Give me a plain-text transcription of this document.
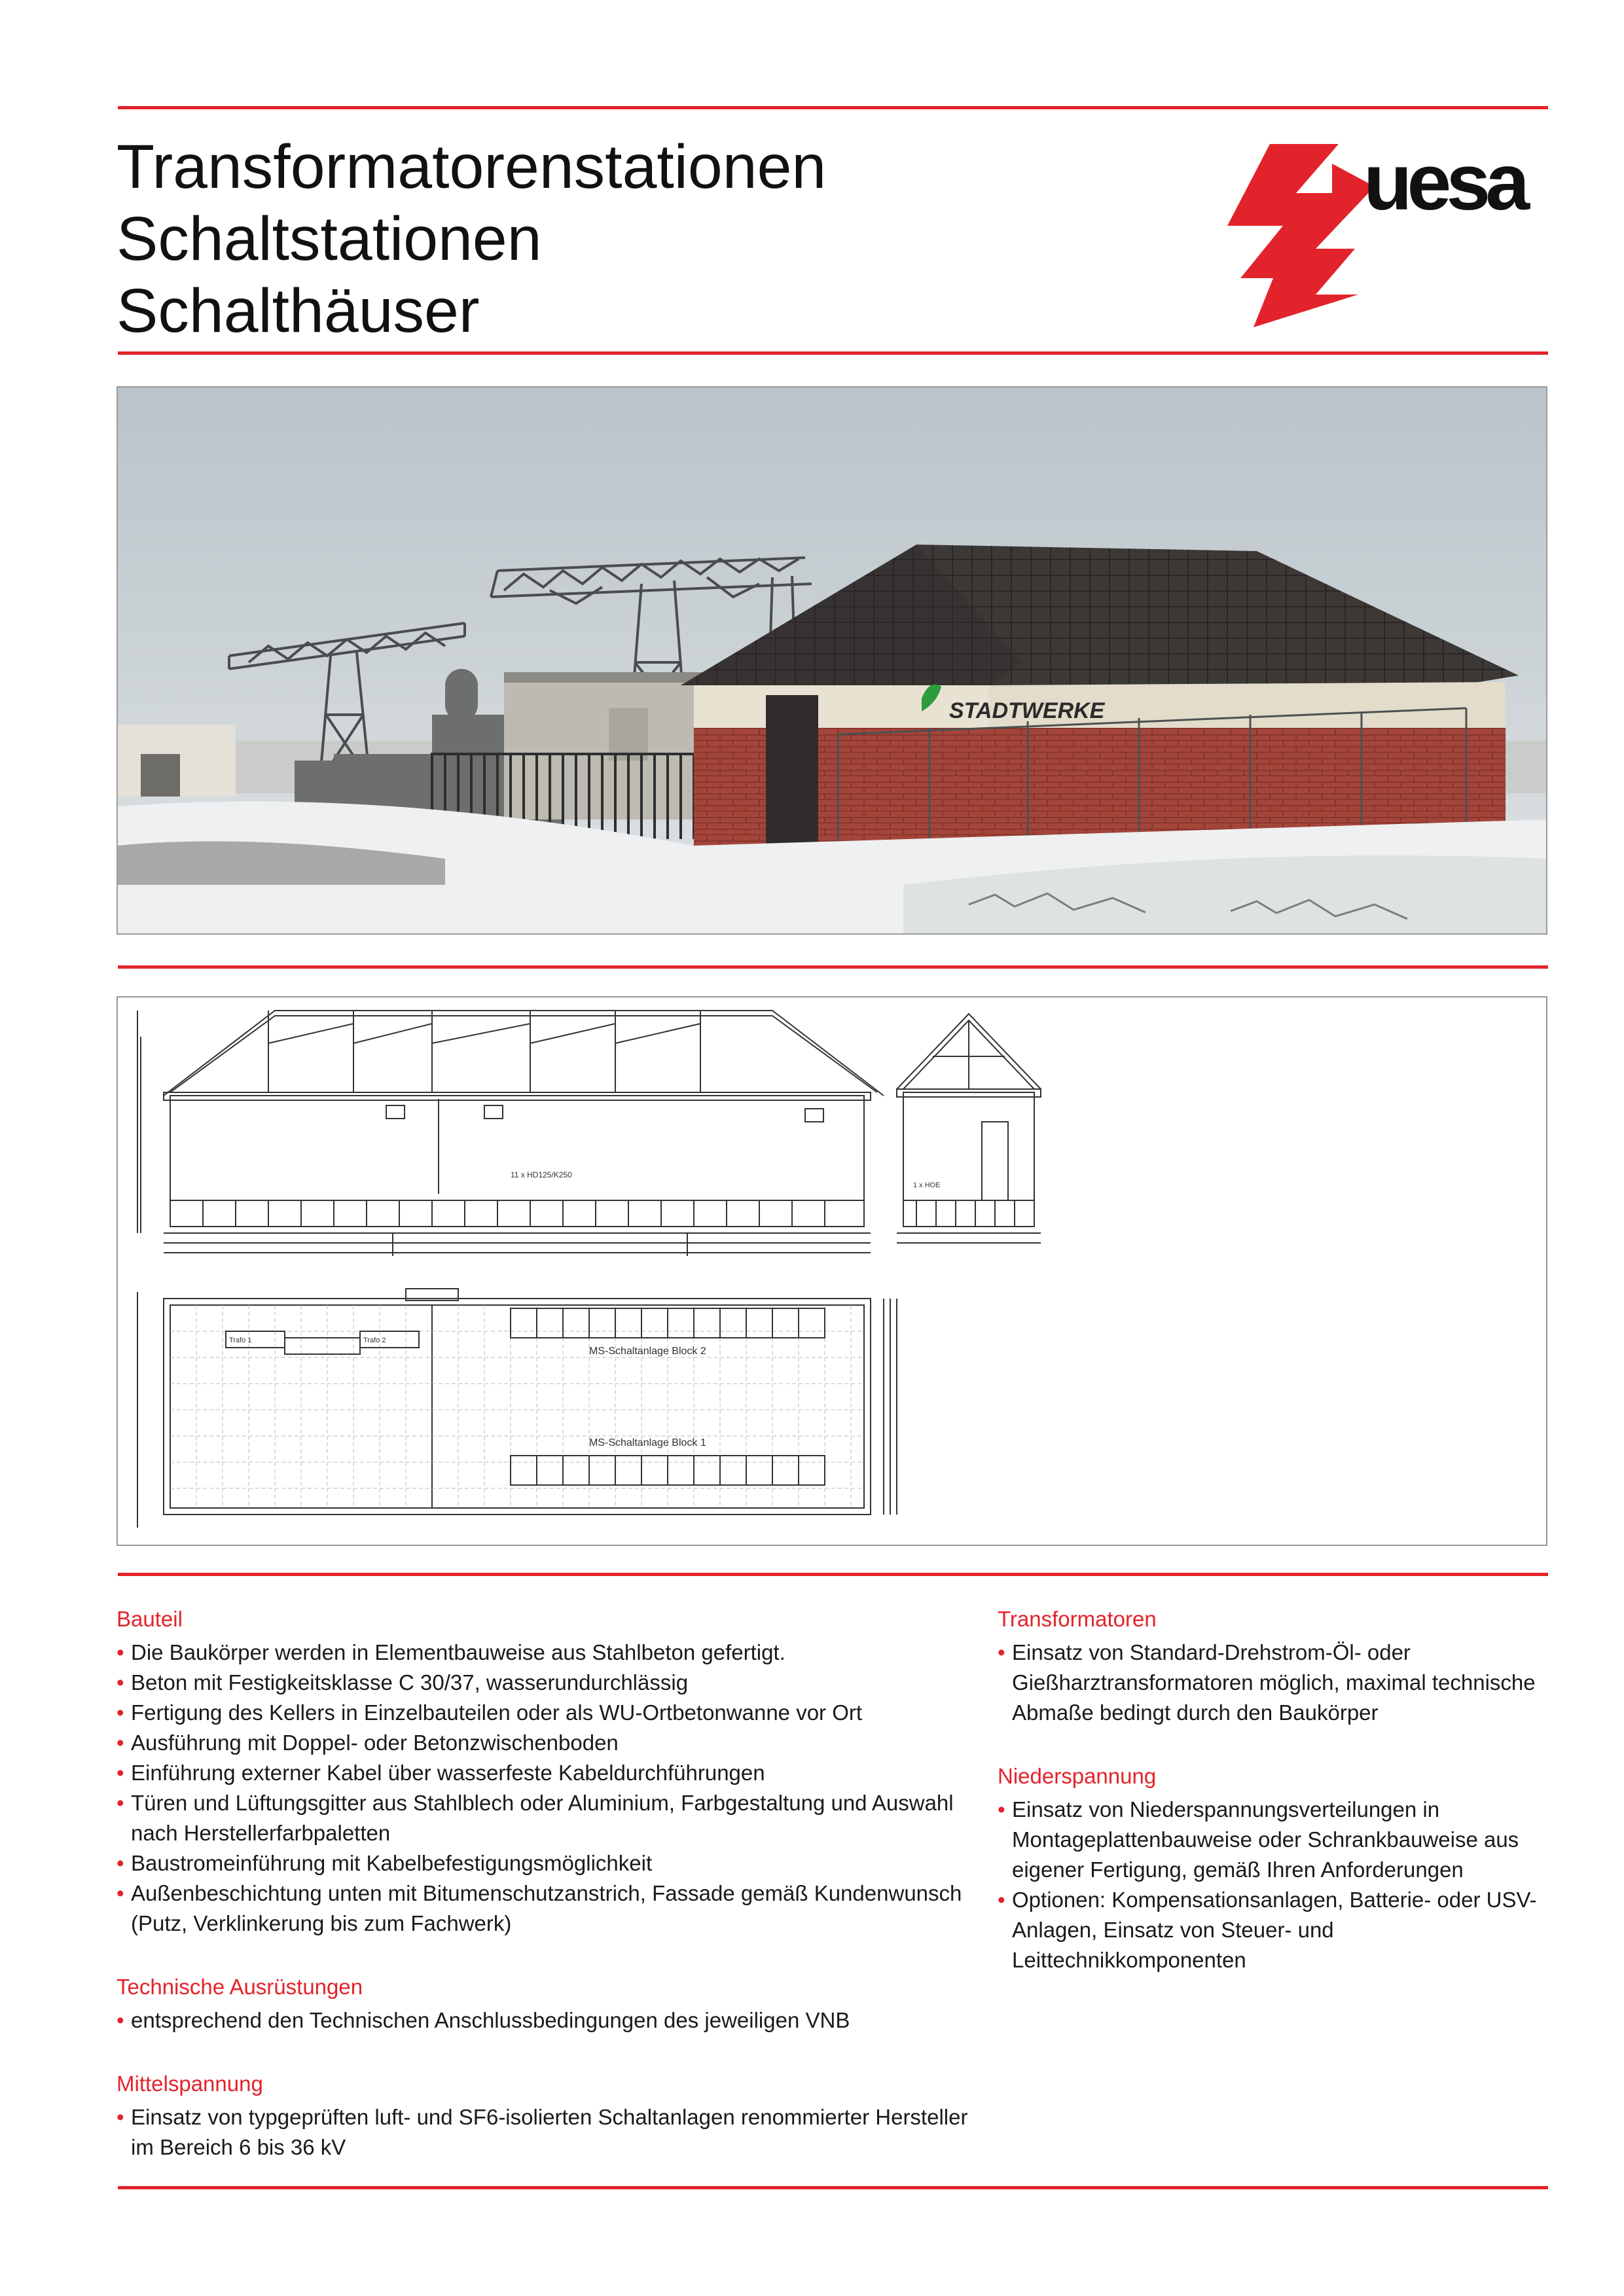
Transformatorenstationen
Schaltstationen
Schalthäuser
uesa
STADTWERKE
11 x HD125/K250
1 x HOE
Trafo 1	Trafo 2
MS-Schaltanlage Block 2
MS-Schaltanlage Block 1
Bauteil
• Die Baukörper werden in Elementbauweise aus Stahlbeton gefertigt.
• Beton mit Festigkeitsklasse C 30/37, wasserundurchlässig
• Fertigung des Kellers in Einzelbauteilen oder als WU-Ortbetonwanne vor Ort
• Ausführung mit Doppel- oder Betonzwischenboden
• Einführung externer Kabel über wasserfeste Kabeldurchführungen
• Türen und Lüftungsgitter aus Stahlblech oder Aluminium, Farbgestaltung und Auswahl nach Herstellerfarbpaletten
• Baustromeinführung mit Kabelbefestigungsmöglichkeit
• Außenbeschichtung unten mit Bitumenschutzanstrich, Fassade gemäß Kundenwunsch (Putz, Verklinkerung bis zum Fachwerk)
Technische Ausrüstungen
• entsprechend den Technischen Anschlussbedingungen des jeweiligen VNB
Mittelspannung
• Einsatz von typgeprüften luft- und SF6-isolierten Schaltanlagen renommierter Hersteller im Bereich 6 bis 36 kV
Transformatoren
• Einsatz von Standard-Drehstrom-Öl- oder Gießharztransformatoren möglich, maximal technische Abmaße bedingt durch den Baukörper
Niederspannung
• Einsatz von Niederspannungsverteilungen in Montageplattenbauweise oder Schrankbauweise aus eigener Fertigung, gemäß Ihren Anforderungen
• Optionen: Kompensationsanlagen, Batterie- oder USV-Anlagen, Einsatz von Steuer- und Leittechnikkomponenten
